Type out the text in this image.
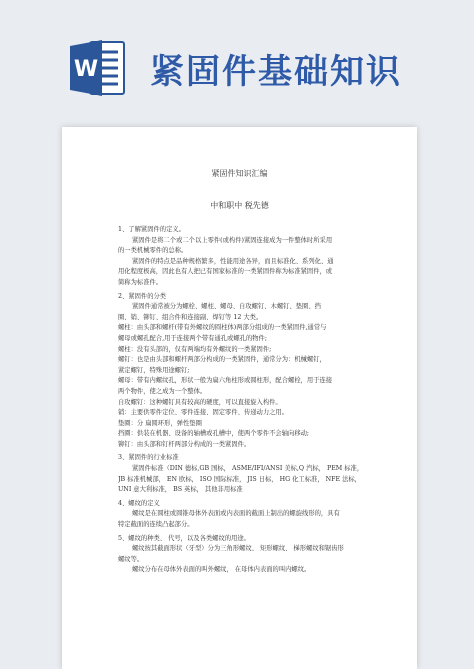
W 紧固件基础知识
紧固件知识汇编
中和职中 税先德
1、了解紧固件的定义。
紧固件是将二个或二个以上零件(或构件)紧固连接成为一件整体时所采用
的一类机械零件的总称。
紧固件的特点是品种规格繁多，性能用途各异，而且标准化、系列化、通
用化程度极高，因此也有人把已有国家标准的一类紧固件称为标准紧固件，或
简称为标准件。
2、紧固件的分类
紧固件通常被分为螺栓、螺柱、螺母、自攻螺钉、木螺钉、垫圈、挡
圈、销、铆钉、组合件和连接副、焊钉等 12 大类。
螺柱：由头部和螺杆(带有外螺纹的圆柱体)两部分组成的一类紧固件,通常与
螺母或螺孔配合,用于连接两个带有通孔或螺孔的物件;
螺柱：没有头部的，仅有两端均有外螺纹的一类紧固件;
螺钉：也是由头部和螺杆两部分构成的一类紧固件，通常分为：机械螺钉，
紧定螺钉，特殊用途螺钉;
螺母：带有内螺纹孔，形状一般为扁六角柱形或圆柱形，配合螺栓，用于连接
两个物件，使之成为一个整体。
自攻螺钉：这种螺钉具有较高的硬度，可以直接旋入构件。
销：主要供零件定位、零件连接、固定零件、传递动力之用。
垫圈：分 扁圆环形，弹性垫圈
挡圈：供装在机器、设备的轴槽或孔槽中，使两个零件不会轴向移动;
铆钉：由头部和钉杆两部分构成的一类紧固件。
3、紧固件的行业标准
紧固件标准（DIN 德标,GB 国标， ASME/IFI/ANSI 美标,Q 汽标， PEM 标准，
JB 标准机械部， EN 欧标， ISO 国际标准， JIS 日标， HG 化工标准， NFE 法标，
UNI 意大利标准， BS 英标， 其他非用标准
4、螺纹的定义
螺纹是在圆柱或圆锥母体外表面或内表面的截面上制出的螺旋线形的，具有
特定截面的连续凸起部分。
5、螺纹的种类、 代号，以及各类螺纹的用途。
螺纹按其截面形状（牙型）分为三角形螺纹、 矩形螺纹、 梯形螺纹和锯齿形
螺纹等。
螺纹分布在母体外表面的叫外螺纹， 在母体内表面的叫内螺纹。
